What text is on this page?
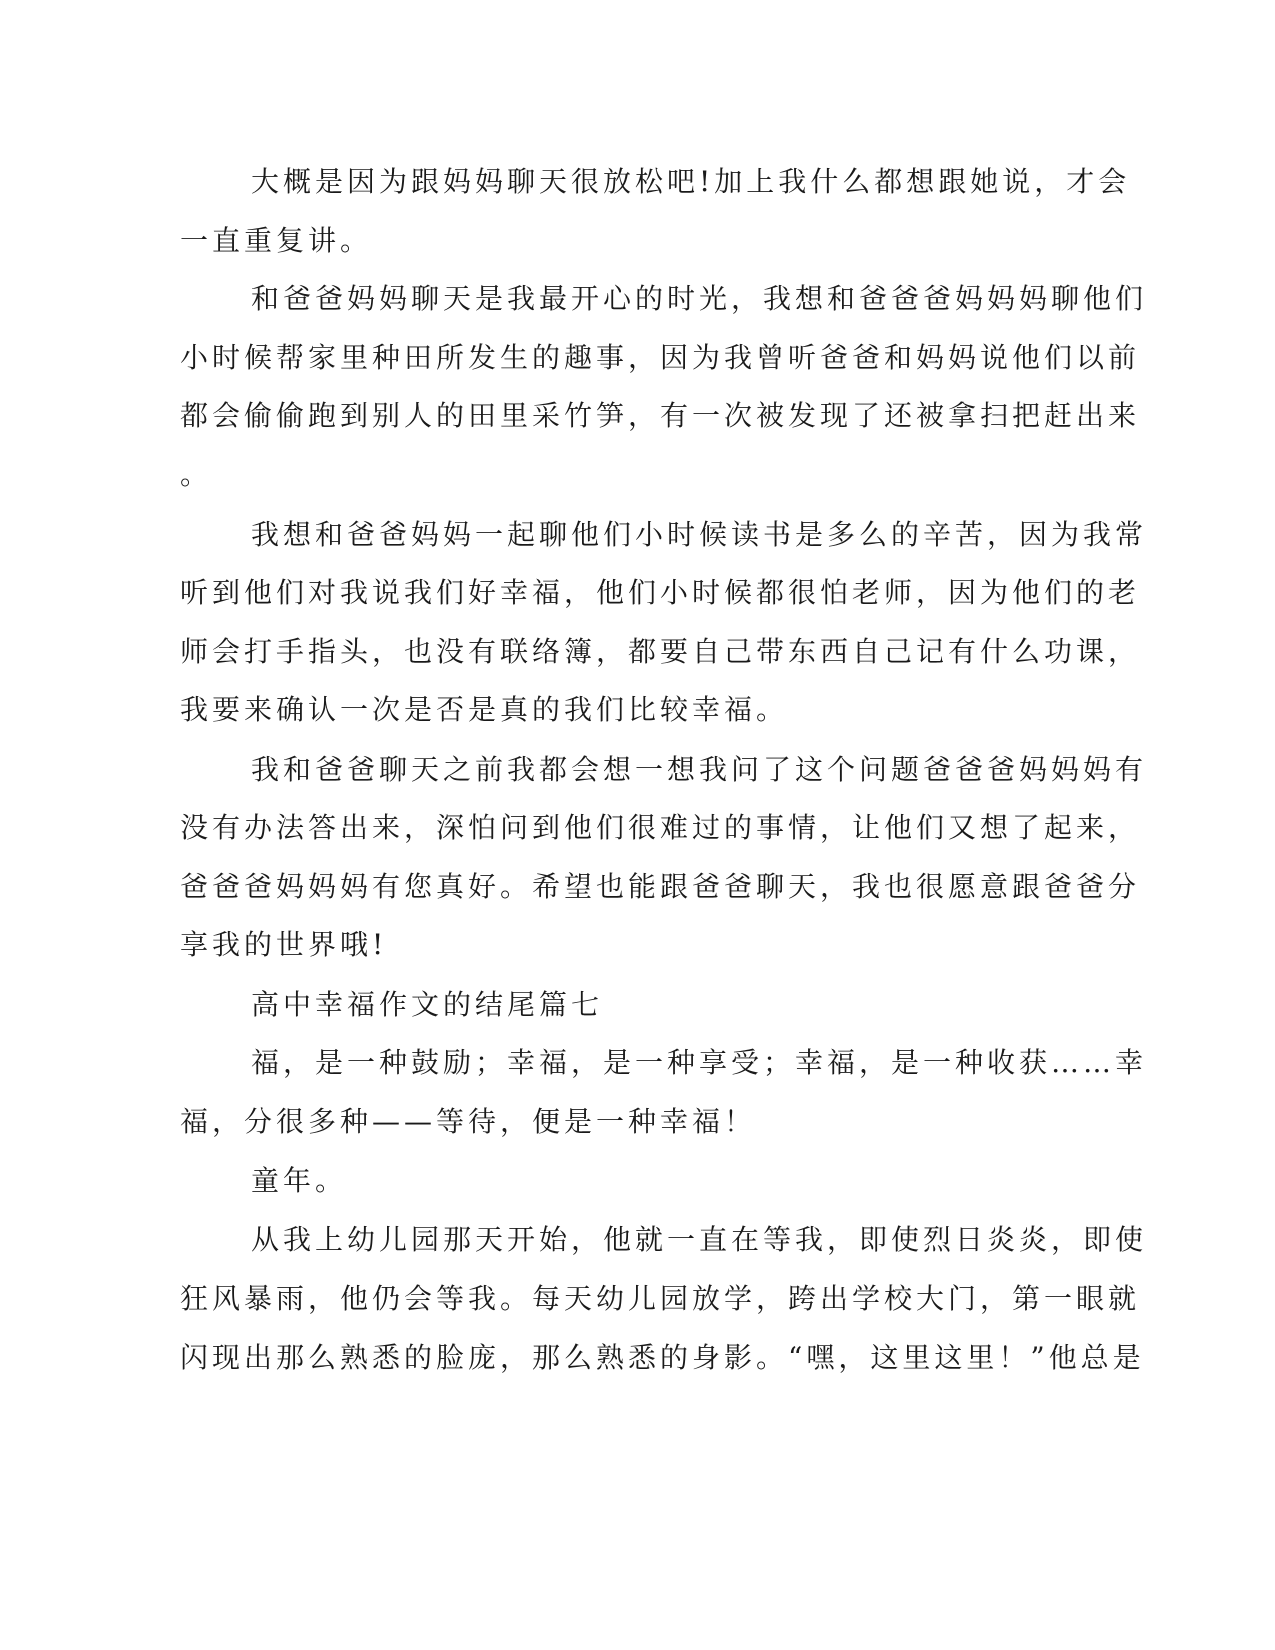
大概是因为跟妈妈聊天很放松吧!加上我什么都想跟她说，才会

一直重复讲。

和爸爸妈妈聊天是我最开心的时光，我想和爸爸爸妈妈妈聊他们

小时候帮家里种田所发生的趣事，因为我曾听爸爸和妈妈说他们以前

都会偷偷跑到别人的田里采竹笋，有一次被发现了还被拿扫把赶出来

。

我想和爸爸妈妈一起聊他们小时候读书是多么的辛苦，因为我常

听到他们对我说我们好幸福，他们小时候都很怕老师，因为他们的老

师会打手指头，也没有联络簿，都要自己带东西自己记有什么功课，

我要来确认一次是否是真的我们比较幸福。

我和爸爸聊天之前我都会想一想我问了这个问题爸爸爸妈妈妈有

没有办法答出来，深怕问到他们很难过的事情，让他们又想了起来，

爸爸爸妈妈妈有您真好。希望也能跟爸爸聊天，我也很愿意跟爸爸分

享我的世界哦!

高中幸福作文的结尾篇七

福，是一种鼓励；幸福，是一种享受；幸福，是一种收获……幸

福，分很多种——等待，便是一种幸福！

童年。

从我上幼儿园那天开始，他就一直在等我，即使烈日炎炎，即使

狂风暴雨，他仍会等我。每天幼儿园放学，跨出学校大门，第一眼就

闪现出那么熟悉的脸庞，那么熟悉的身影。“嘿，这里这里！”他总是
